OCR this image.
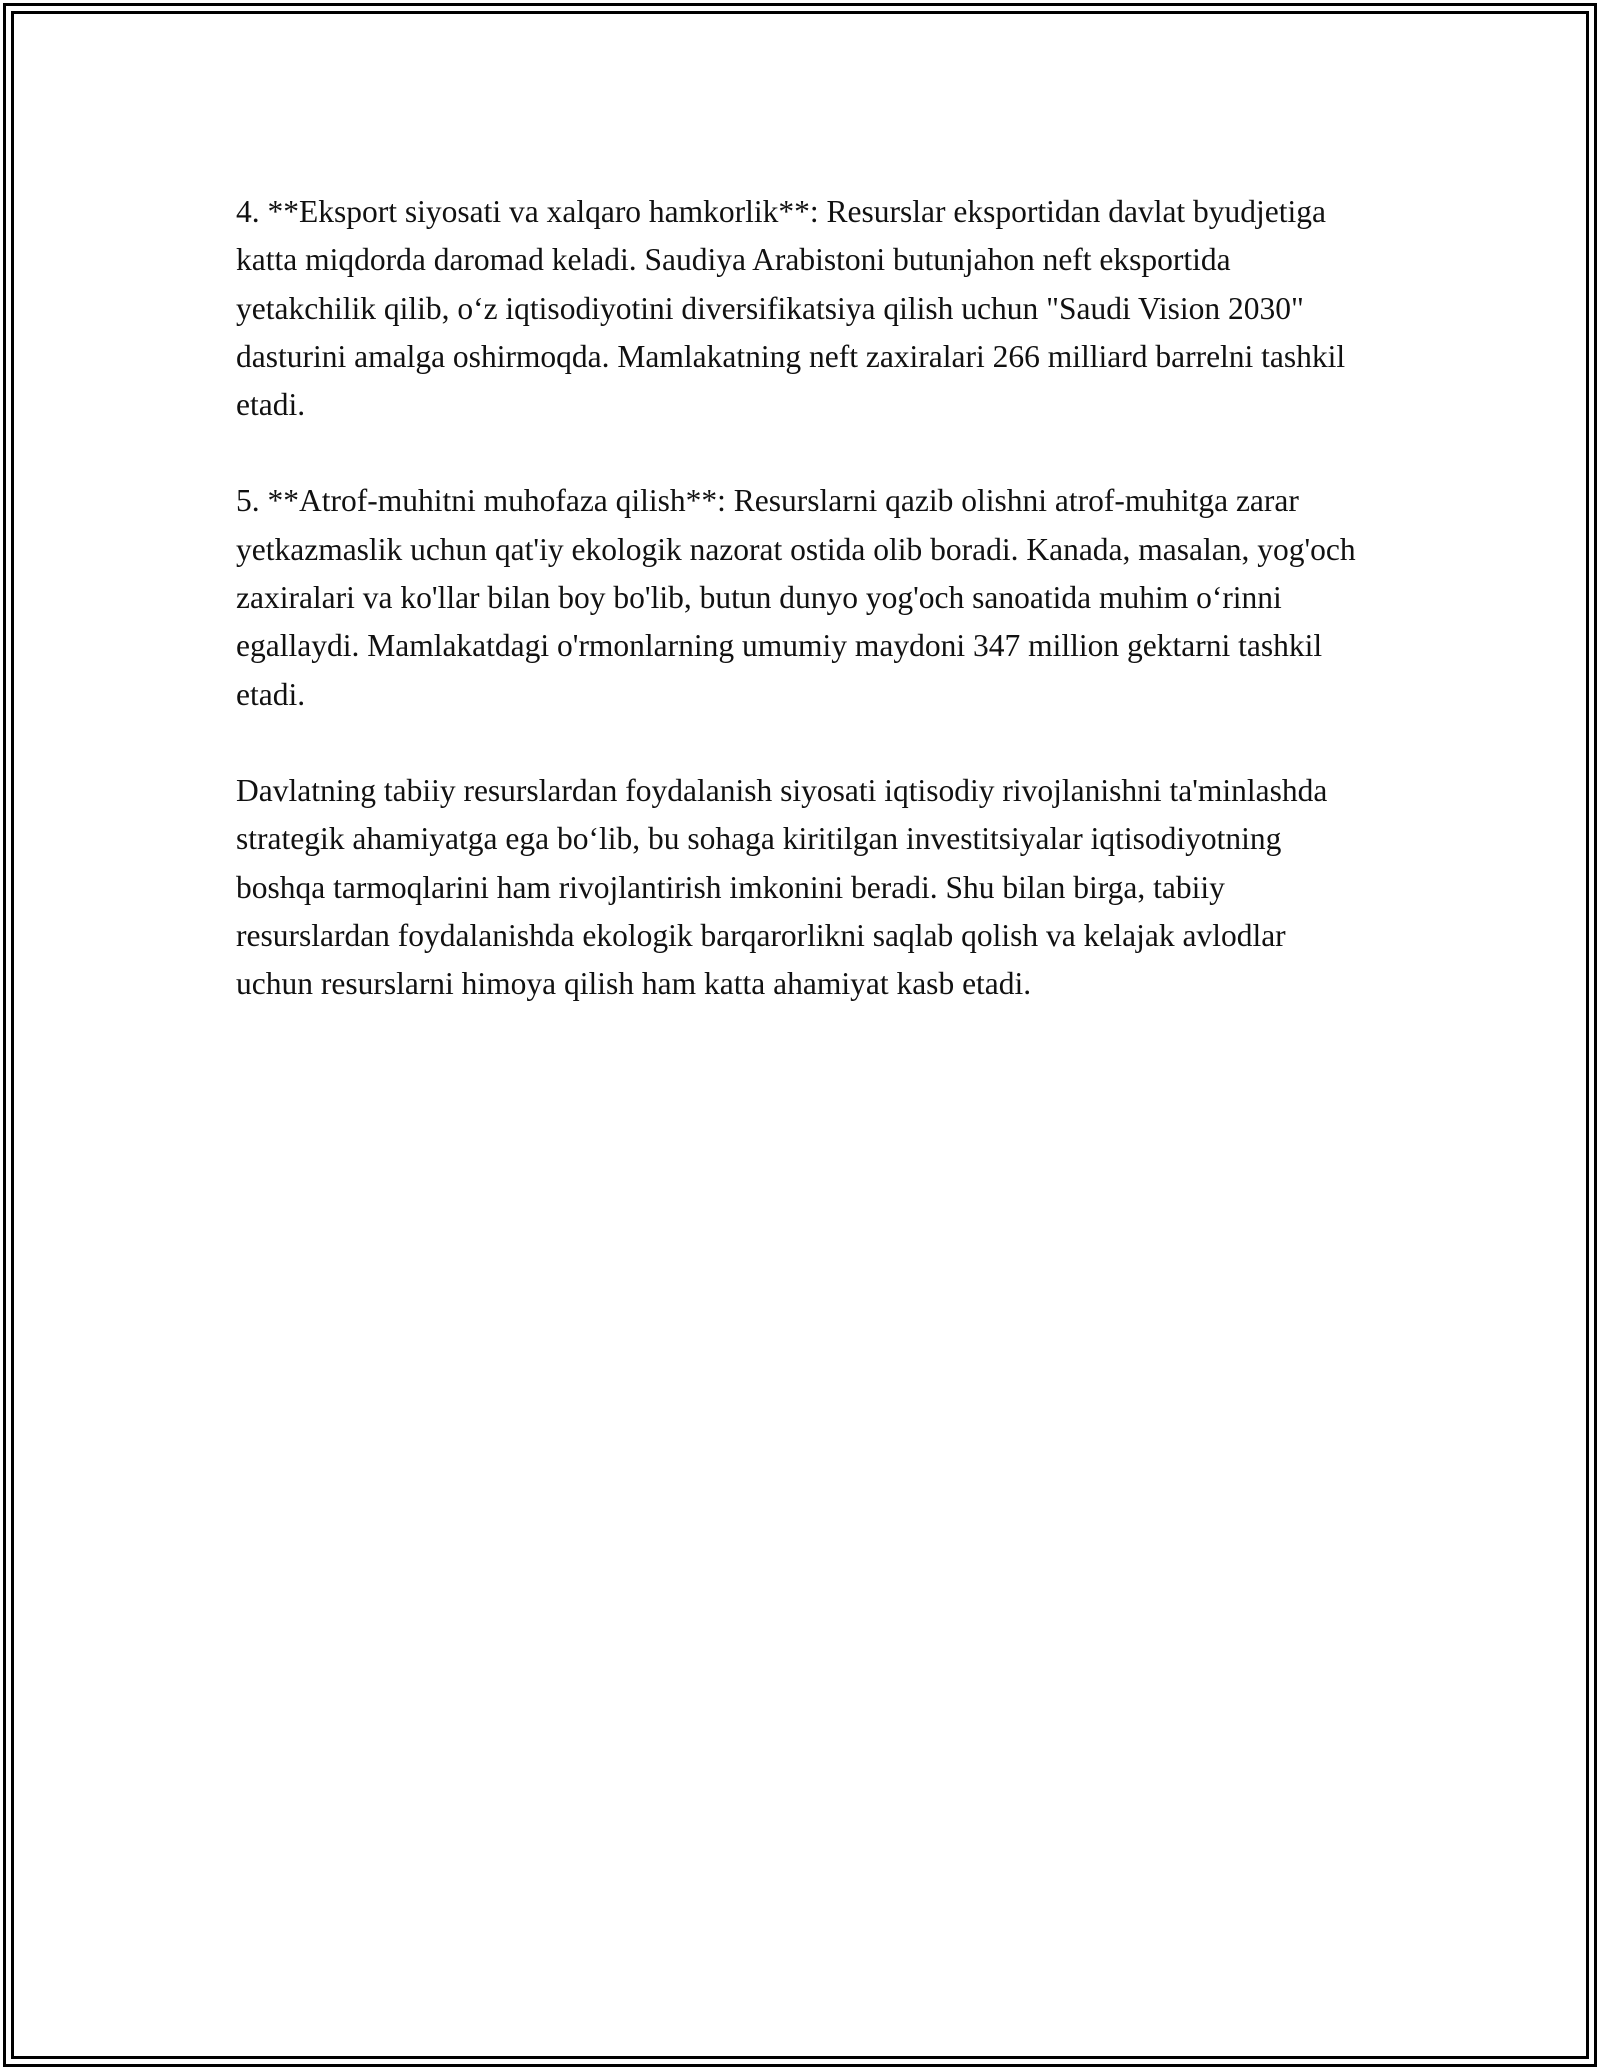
4. **Eksport siyosati va xalqaro hamkorlik**: Resurslar eksportidan davlat byudjetiga katta miqdorda daromad keladi. Saudiya Arabistoni butunjahon neft eksportida yetakchilik qilib, o‘z iqtisodiyotini diversifikatsiya qilish uchun "Saudi Vision 2030" dasturini amalga oshirmoqda. Mamlakatning neft zaxiralari 266 milliard barrelni tashkil etadi.

5. **Atrof-muhitni muhofaza qilish**: Resurslarni qazib olishni atrof-muhitga zarar yetkazmaslik uchun qat'iy ekologik nazorat ostida olib boradi. Kanada, masalan, yog'och zaxiralari va ko'llar bilan boy bo'lib, butun dunyo yog'och sanoatida muhim o‘rinni egallaydi. Mamlakatdagi o'rmonlarning umumiy maydoni 347 million gektarni tashkil etadi.

Davlatning tabiiy resurslardan foydalanish siyosati iqtisodiy rivojlanishni ta'minlashda strategik ahamiyatga ega bo‘lib, bu sohaga kiritilgan investitsiyalar iqtisodiyotning boshqa tarmoqlarini ham rivojlantirish imkonini beradi. Shu bilan birga, tabiiy resurslardan foydalanishda ekologik barqarorlikni saqlab qolish va kelajak avlodlar uchun resurslarni himoya qilish ham katta ahamiyat kasb etadi.
